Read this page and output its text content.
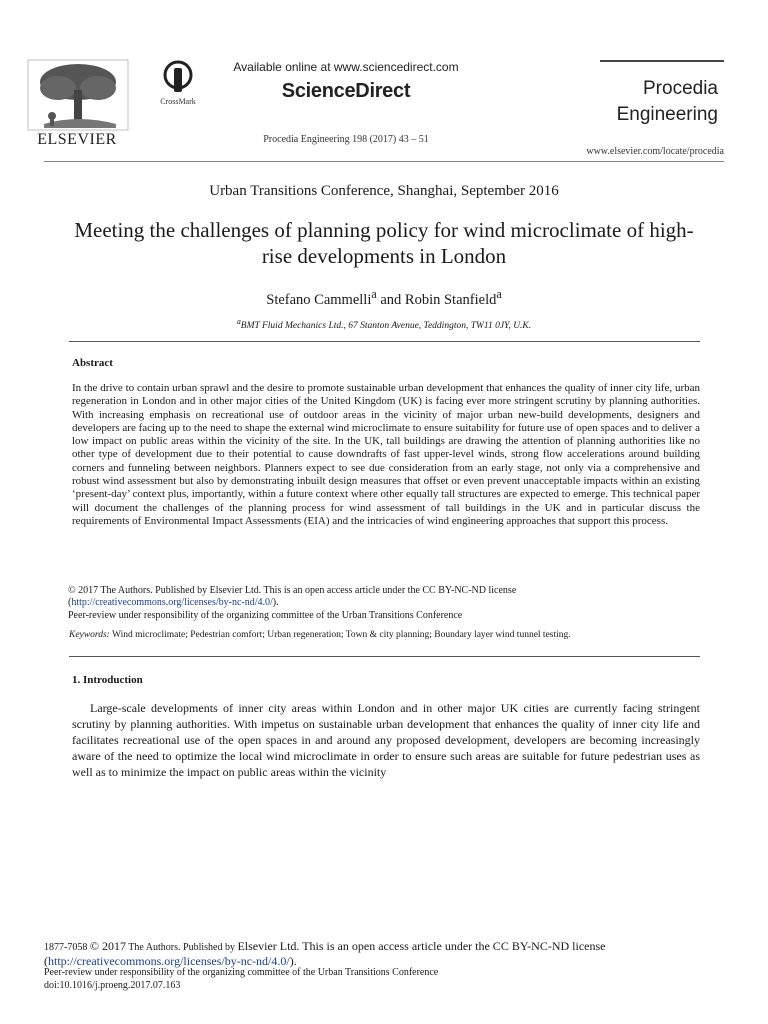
ELSEVIER
CrossMark
Available online at www.sciencedirect.com
ScienceDirect
Procedia Engineering 198 (2017) 43 – 51
Procedia
Engineering
www.elsevier.com/locate/procedia
Urban Transitions Conference, Shanghai, September 2016
Meeting the challenges of planning policy for wind microclimate of high-rise developments in London
Stefano Cammelli$^a$ and Robin Stanfield$^a$
$^a$BMT Fluid Mechanics Ltd., 67 Stanton Avenue, Teddington, TW11 0JY, U.K.
Abstract
In the drive to contain urban sprawl and the desire to promote sustainable urban development that enhances the quality of inner city life, urban regeneration in London and in other major cities of the United Kingdom (UK) is facing ever more stringent scrutiny by planning authorities. With increasing emphasis on recreational use of outdoor areas in the vicinity of major urban new-build developments, designers and developers are facing up to the need to shape the external wind microclimate to ensure suitability for future use of open spaces and to deliver a low impact on public areas within the vicinity of the site. In the UK, tall buildings are drawing the attention of planning authorities like no other type of development due to their potential to cause downdrafts of fast upper-level winds, strong flow accelerations around building corners and funneling between neighbors. Planners expect to see due consideration from an early stage, not only via a comprehensive and robust wind assessment but also by demonstrating inbuilt design measures that offset or even prevent unacceptable impacts within an existing ‘present-day’ context plus, importantly, within a future context where other equally tall structures are expected to emerge. This technical paper will document the challenges of the planning process for wind assessment of tall buildings in the UK and in particular discuss the requirements of Environmental Impact Assessments (EIA) and the intricacies of wind engineering approaches that support this process.
© 2017 The Authors. Published by Elsevier Ltd. This is an open access article under the CC BY-NC-ND license
(http://creativecommons.org/licenses/by-nc-nd/4.0/).
Peer-review under responsibility of the organizing committee of the Urban Transitions Conference
Keywords: Wind microclimate; Pedestrian comfort; Urban regeneration; Town & city planning; Boundary layer wind tunnel testing.
1. Introduction
Large-scale developments of inner city areas within London and in other major UK cities are currently facing stringent scrutiny by planning authorities. With impetus on sustainable urban development that enhances the quality of inner city life and facilitates recreational use of the open spaces in and around any proposed development, developers are becoming increasingly aware of the need to optimize the local wind microclimate in order to ensure such areas are suitable for future pedestrian uses as well as to minimize the impact on public areas within the vicinity
1877-7058 © 2017 The Authors. Published by Elsevier Ltd. This is an open access article under the CC BY-NC-ND license
(http://creativecommons.org/licenses/by-nc-nd/4.0/).
Peer-review under responsibility of the organizing committee of the Urban Transitions Conference
doi:10.1016/j.proeng.2017.07.163
